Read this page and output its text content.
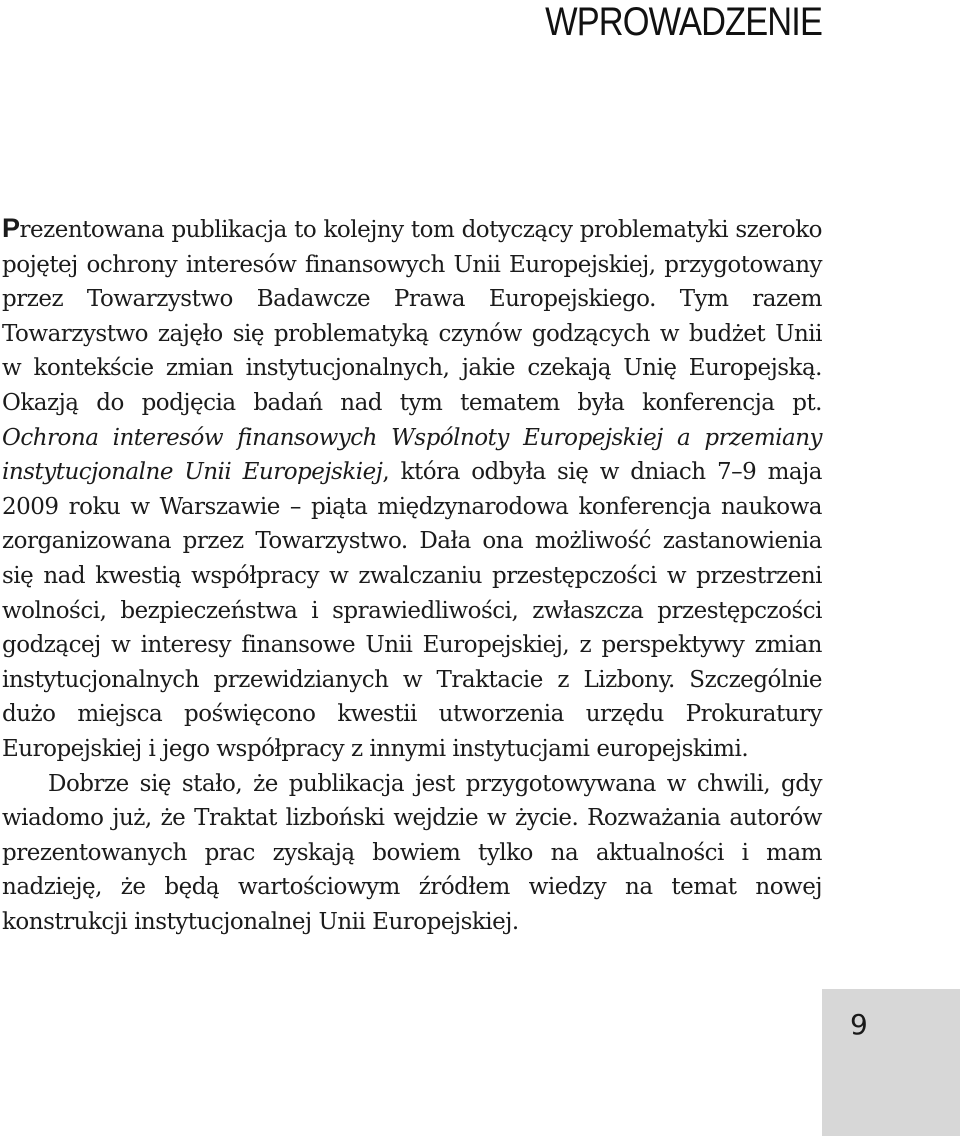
WPROWADZENIE

Prezentowana publikacja to kolejny tom dotyczący problematyki szeroko pojętej ochrony interesów finansowych Unii Europejskiej, przygotowany przez Towarzystwo Badawcze Prawa Europejskiego. Tym razem Towarzystwo zajęło się problematyką czynów godzących w budżet Unii w kontekście zmian instytucjonalnych, jakie czekają Unię Europejską. Okazją do podjęcia badań nad tym tematem była konferencja pt. Ochrona interesów finansowych Wspólnoty Europejskiej a przemiany instytucjonalne Unii Europejskiej, która odbyła się w dniach 7–9 maja 2009 roku w Warszawie – piąta międzynarodowa konferencja naukowa zorganizowana przez Towarzystwo. Dała ona możliwość zastanowienia się nad kwestią współpracy w zwalczaniu przestępczości w przestrzeni wolności, bezpieczeństwa i sprawiedliwości, zwłaszcza przestępczości godzącej w interesy finansowe Unii Europejskiej, z perspektywy zmian instytucjonalnych przewidzianych w Traktacie z Lizbony. Szczególnie dużo miejsca poświęcono kwestii utworzenia urzędu Prokuratury Europejskiej i jego współpracy z innymi instytucjami europejskimi.

Dobrze się stało, że publikacja jest przygotowywana w chwili, gdy wiadomo już, że Traktat lizboński wejdzie w życie. Rozważania autorów prezentowanych prac zyskają bowiem tylko na aktualności i mam nadzieję, że będą wartościowym źródłem wiedzy na temat nowej konstrukcji instytucjonalnej Unii Europejskiej.

9
